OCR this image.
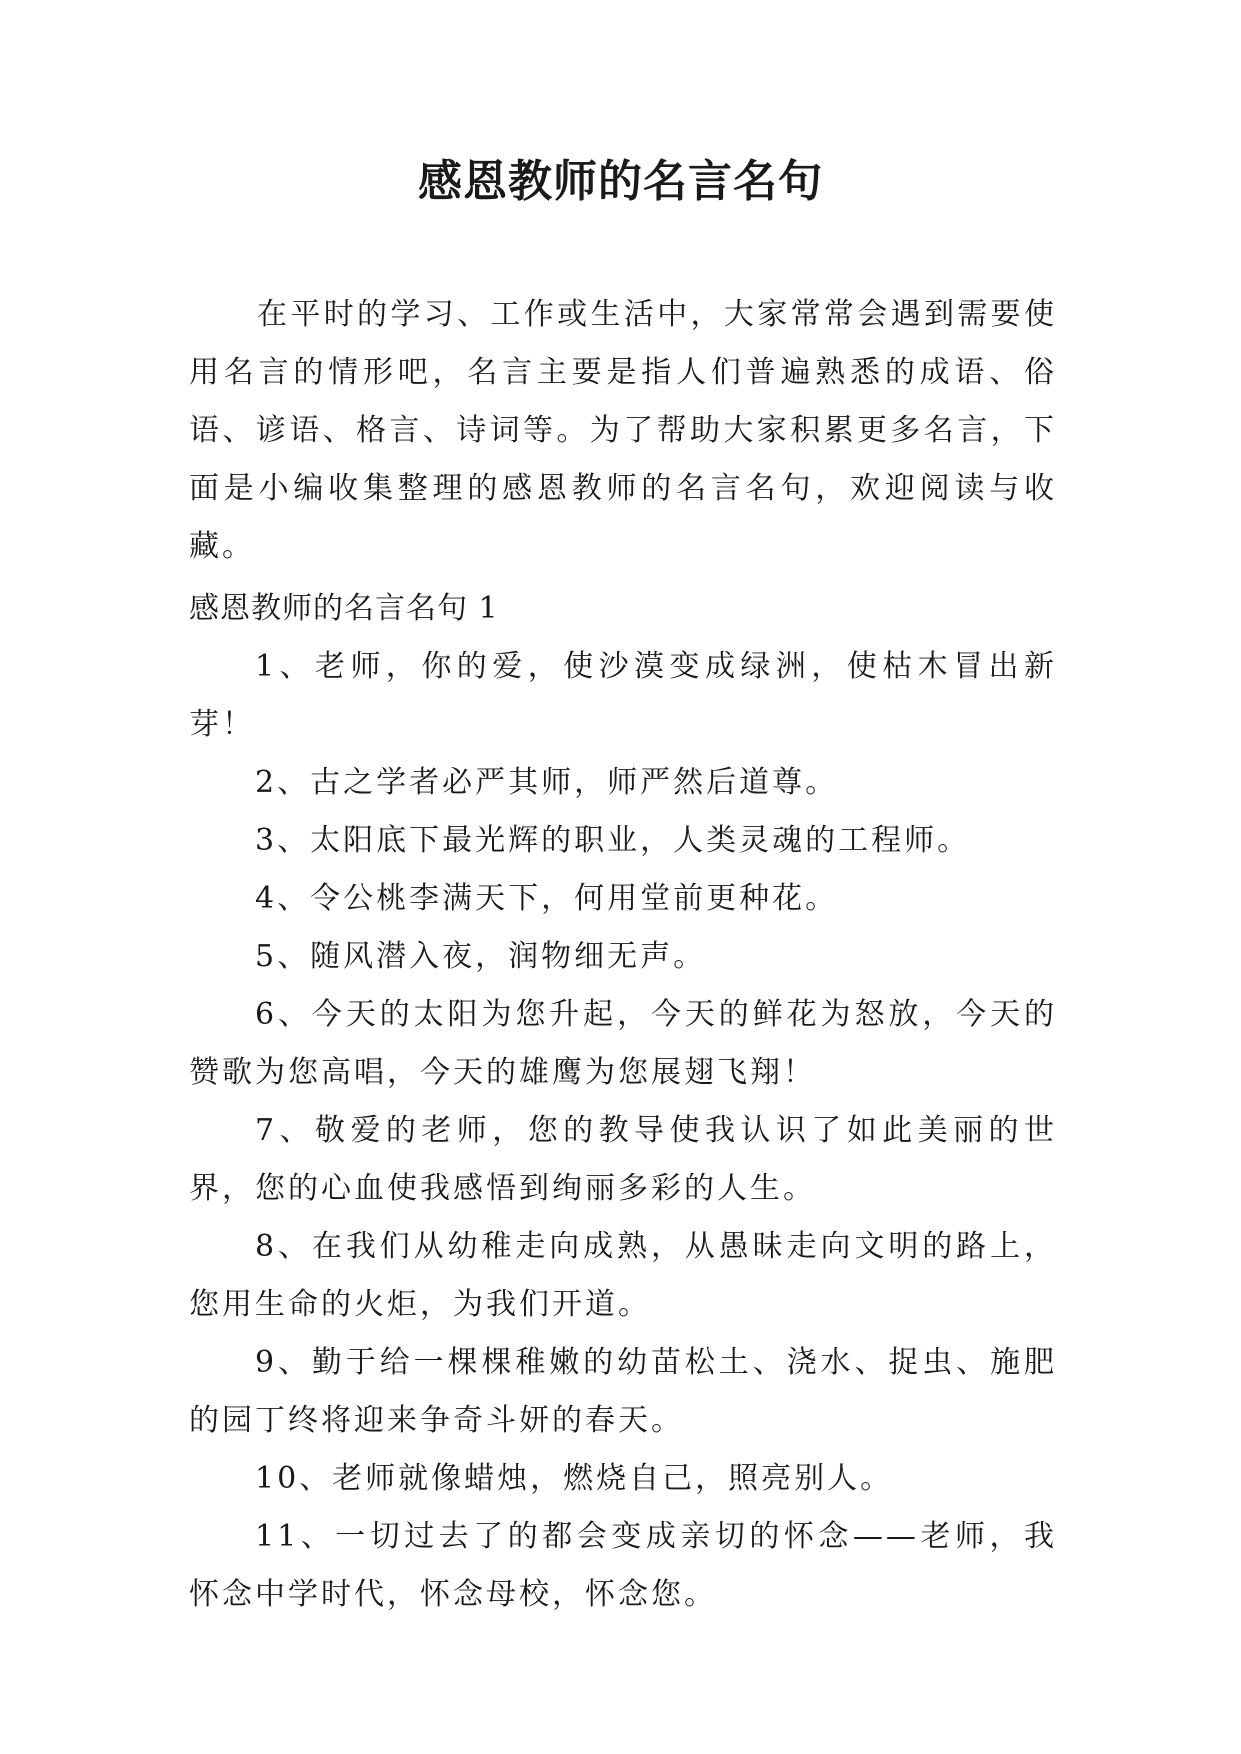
感恩教师的名言名句

在平时的学习、工作或生活中，大家常常会遇到需要使用名言的情形吧，名言主要是指人们普遍熟悉的成语、俗语、谚语、格言、诗词等。为了帮助大家积累更多名言，下面是小编收集整理的感恩教师的名言名句，欢迎阅读与收藏。

感恩教师的名言名句 1

1、老师，你的爱，使沙漠变成绿洲，使枯木冒出新芽！

2、古之学者必严其师，师严然后道尊。

3、太阳底下最光辉的职业，人类灵魂的工程师。

4、令公桃李满天下，何用堂前更种花。

5、随风潜入夜，润物细无声。

6、今天的太阳为您升起，今天的鲜花为怒放，今天的赞歌为您高唱，今天的雄鹰为您展翅飞翔！

7、敬爱的老师，您的教导使我认识了如此美丽的世界，您的心血使我感悟到绚丽多彩的人生。

8、在我们从幼稚走向成熟，从愚昧走向文明的路上，您用生命的火炬，为我们开道。

9、勤于给一棵棵稚嫩的幼苗松土、浇水、捉虫、施肥的园丁终将迎来争奇斗妍的春天。

10、老师就像蜡烛，燃烧自己，照亮别人。

11、一切过去了的都会变成亲切的怀念——老师，我怀念中学时代，怀念母校，怀念您。
